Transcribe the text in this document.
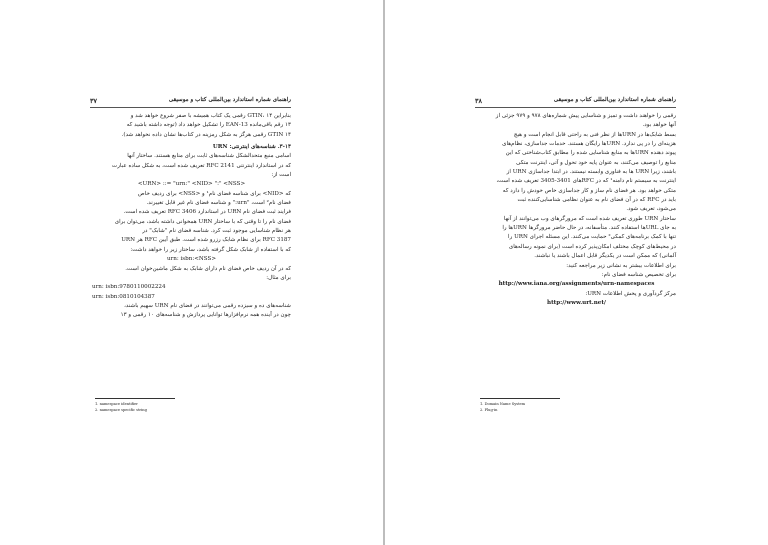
راهنمای شماره استاندارد بین‌المللی کتاب و موسیقی
۳۷

بنابراین GTIN، ۱۴ رقمی یک کتاب همیشه با صفر شروع خواهد شد و

۱۳ رقم باقی‌مانده EAN-13 را تشکیل خواهد داد (توجه داشته باشید که

GTIN ۱۴ رقمی هرگز به شکل رمزینه در کتاب‌ها نشان داده نخواهد شد).

۳-۱۴. شناسه‌های اینترنتی: URN

اسامی منبع متحدالشکل شناسه‌های ثابت برای منابع هستند. ساختار آنها

که در استاندارد اینترنتی RFC 2141 تعریف شده است، به شکل ساده عبارت

است از:

<URN> ::= "urn:" <NID> ":" <NSS>

که <NID> برای شناسه فضای نام¹ و <NSS> برای ردیف خاص

فضای نام² است، "urn:" و شناسه فضای نام غیر قابل تغییرند.

فرایند ثبت فضای نام URN در استاندارد RFC 3406 تعریف شده است.

فضای نام را تا وقتی که با ساختار URN همخوانی داشته باشد، می‌توان برای

هر نظام شناسایی موجود ثبت کرد. شناسه فضای نام "شابک" در

RFC 3187 برای نظام شابک رزرو شده است. طبق آیین RFC هر URN

که با استفاده از شابک شکل گرفته باشد، ساختار زیر را خواهد داشت:

urn: isbn:<NSS>

که در آن ردیف خاص فضای نام دارای شابک به شکل ماشین‌خوان است.

برای مثال:

urn: isbn:9780110002224

urn: isbn:0810104387

شناسه‌های ده و سیزده رقمی می‌توانند در فضای نام URN سهیم باشند،

چون در آینده همه نرم‌افزارها توانایی پردازش و شناسه‌های ۱۰ رقمی و ۱۳

1. namespace identifier
2. namespace specific string
راهنمای شماره استاندارد بین‌المللی کتاب و موسیقی
۳۸

رقمی را خواهند داشت و تمیز و شناسایی پیش شماره‌های ۹۷۸ و ۹۷۹ جزئی از

آنها خواهد بود.

بسط شابک‌ها در URNها از نظر فنی به راحتی قابل انجام است و هیچ

هزینه‌ای را در پی ندارد. URNها رایگان هستند. خدمات جداسازی، نظام‌های

پیوند دهنده URNها به منابع شناسایی شده را مطابق کتاب‌شناختی که این

منابع را توصیف می‌کنند، به عنوان پایه خود تحول و آتی، اینترنت متکی

باشند، زیرا URN ها به فناوری وابسته نیستند. در ابتدا جداسازی URN از

اینترنت به سیستم نام دامنه¹ که در RFCهای 3401-3405 تعریف شده است،

متکی خواهد بود. هر فضای نام ساز و کار جداسازی خاص خودش را دارد که

باید در RFC که در آن فضای نام به عنوان نظامی شناسایی‌کننده ثبت

می‌شود، تعریف شود.

ساختار URN طوری تعریف شده است که مرورگرهای وب می‌توانند از آنها

به جای URLها استفاده کنند. متأسفانه، در حال حاضر مرورگرها URNها را

تنها با کمک برنامه‌های کمکی² حمایت می‌کنند. این مسئله اجرای URN را

در محیط‌های کوچک مختلف امکان‌پذیر کرده است (برای نمونه رساله‌های

آلمانی) که ممکن است در یکدیگر قابل اعمال باشند یا نباشند.

برای اطلاعات بیشتر به نشانی زیر مراجعه کنید:

برای تخصیص شناسه فضای نام:

http://www.iana.org/assignments/urn-namespaces

مرکز گردآوری و پخش اطلاعات URN:

http://www.urt.net/

1. Domain Name System
2. Plug-in
